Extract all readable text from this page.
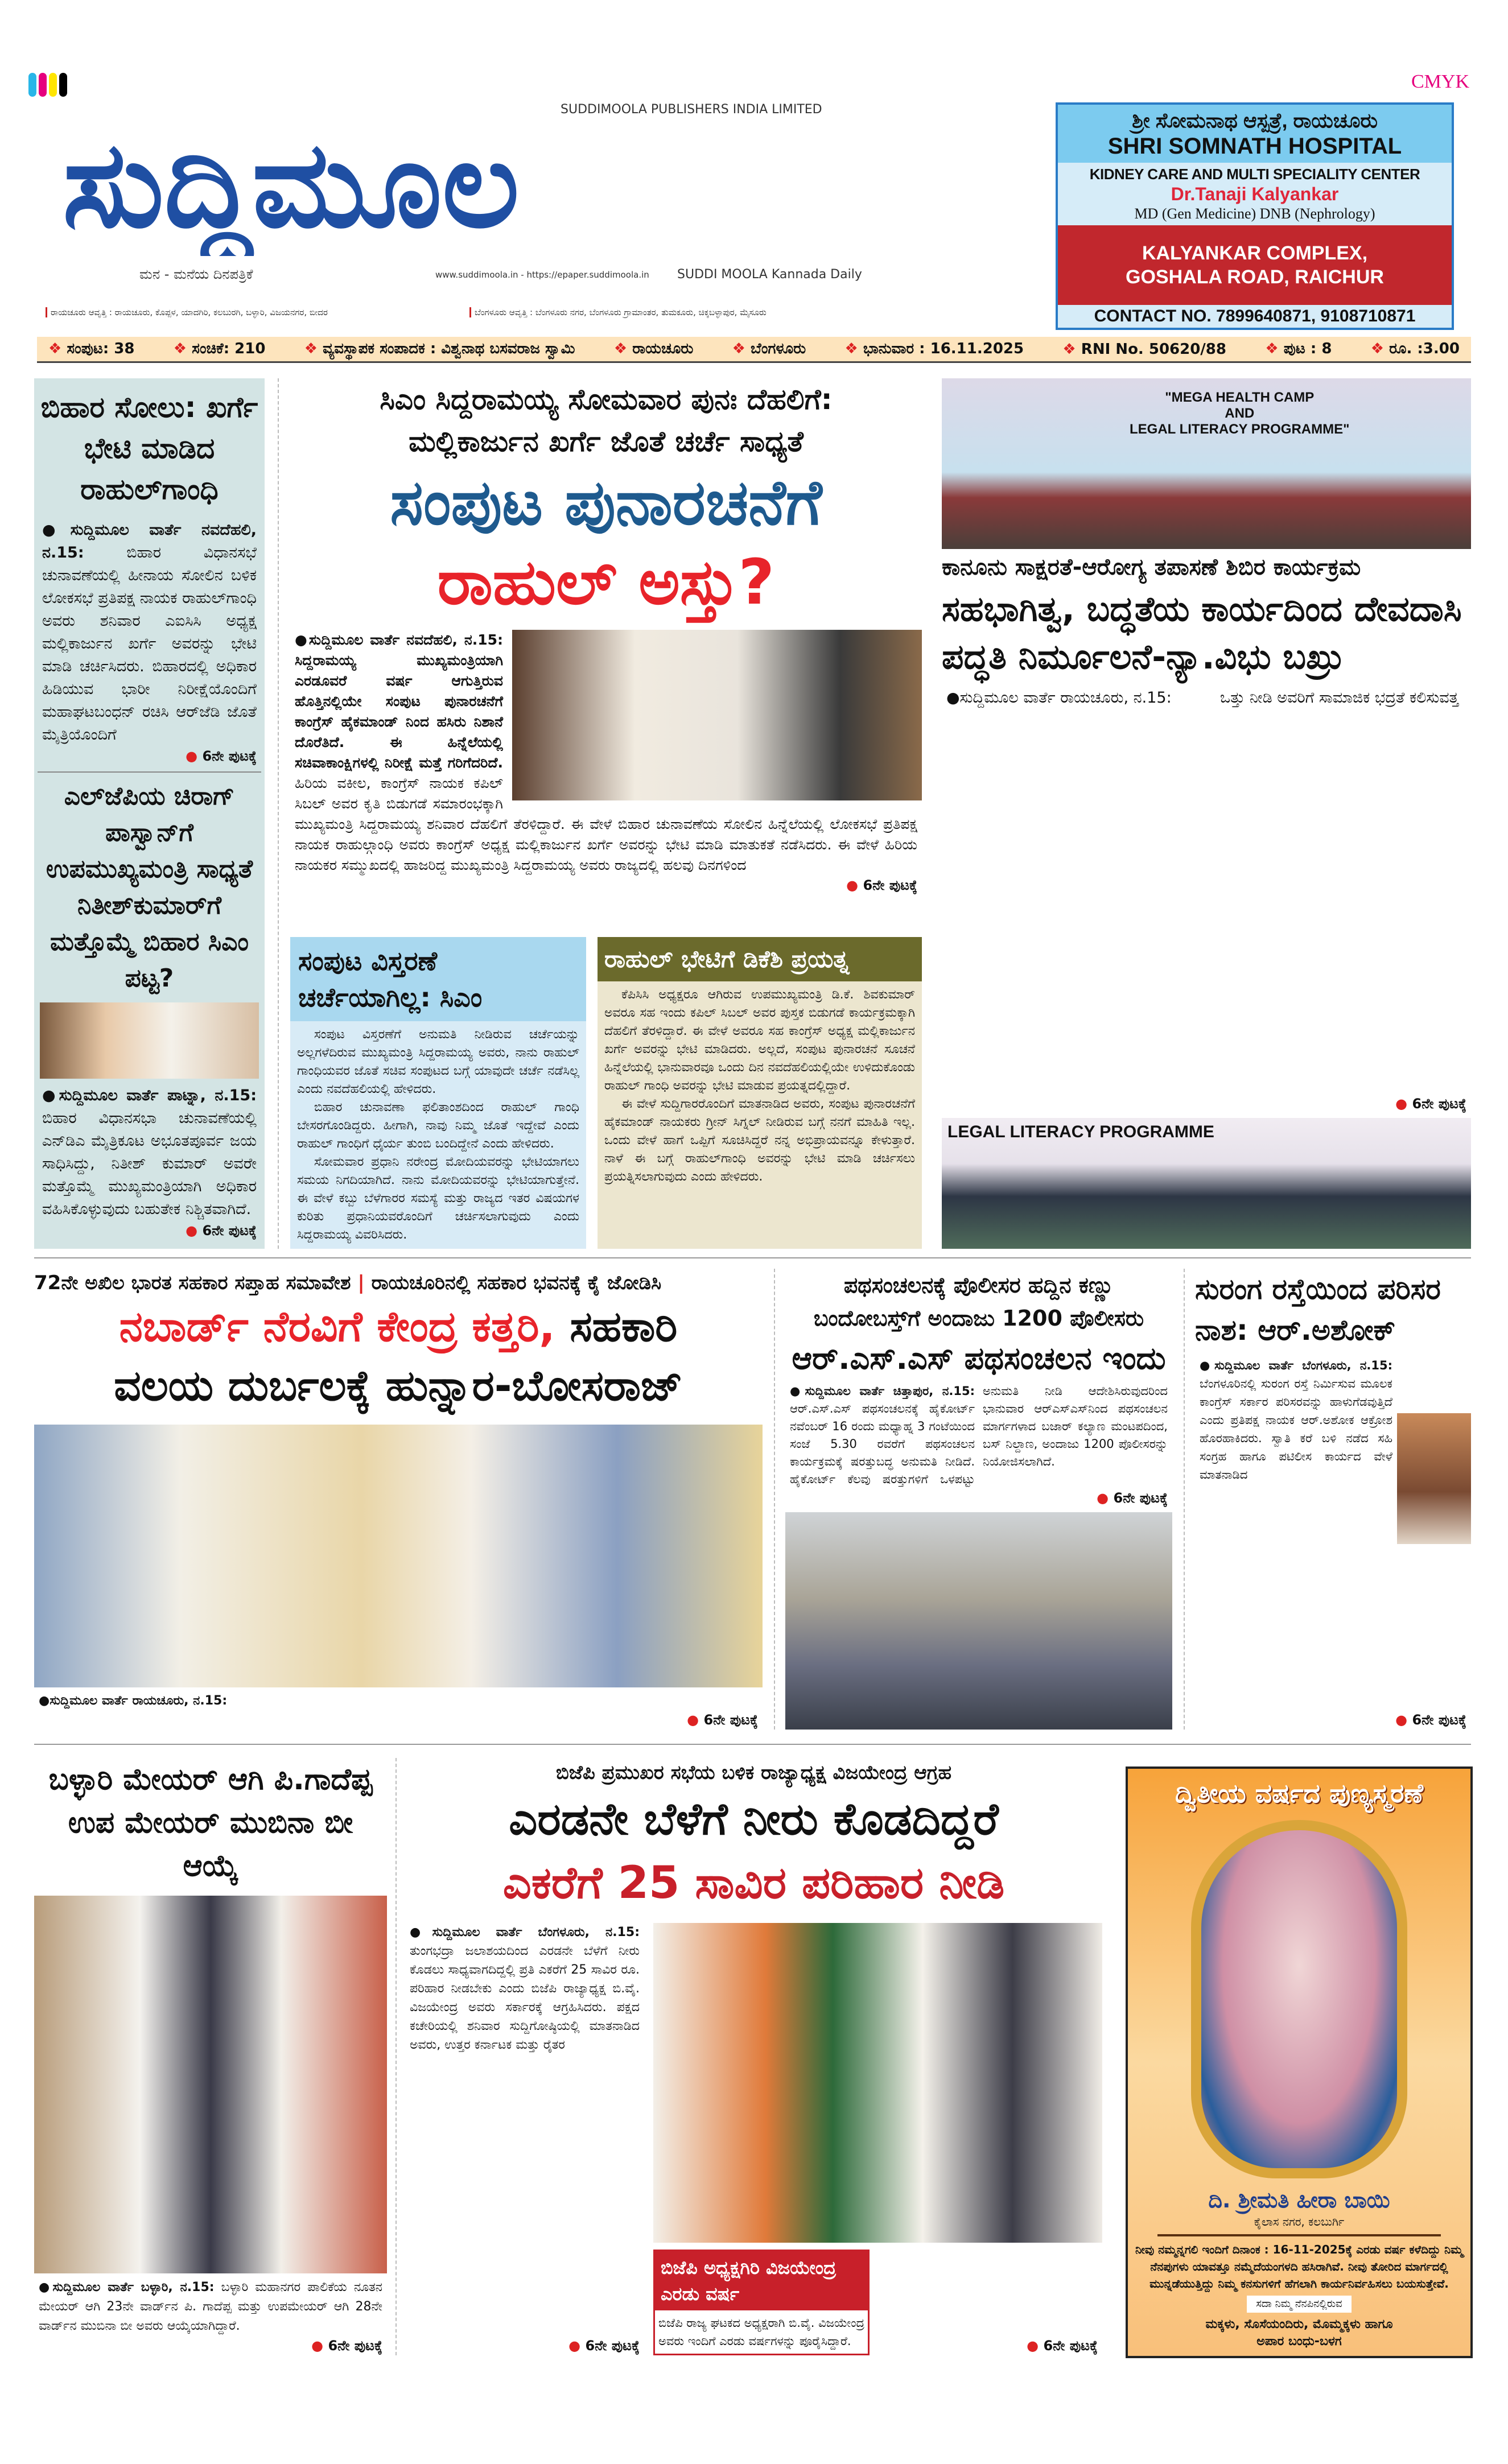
CMYK
ಸುದ್ದಿಮೂಲ
SUDDIMOOLA PUBLISHERS INDIA LIMITED
ಮನ - ಮನೆಯ ದಿನಪತ್ರಿಕೆ	www.suddimoola.in - https://epaper.suddimoola.in SUDDI MOOLA Kannada Daily
ರಾಯಚೂರು ಆವೃತ್ತಿ : ರಾಯಚೂರು, ಕೊಪ್ಪಳ, ಯಾದಗಿರಿ, ಕಲಬುರಗಿ, ಬಳ್ಳಾರಿ, ವಿಜಯನಗರ, ಬೀದರ	ಬೆಂಗಳೂರು ಆವೃತ್ತಿ : ಬೆಂಗಳೂರು ನಗರ, ಬೆಂಗಳೂರು ಗ್ರಾಮಾಂತರ, ತುಮಕೂರು, ಚಿಕ್ಕಬಳ್ಳಾಪುರ, ಮೈಸೂರು
ಶ್ರೀ ಸೋಮನಾಥ ಆಸ್ಪತ್ರೆ, ರಾಯಚೂರು
SHRI SOMNATH HOSPITAL
KIDNEY CARE AND MULTI SPECIALITY CENTER
Dr.Tanaji Kalyankar
MD (Gen Medicine) DNB (Nephrology)
KALYANKAR COMPLEX,
GOSHALA ROAD, RAICHUR
CONTACT NO. 7899640871, 9108710871
❖ ಸಂಪುಟ: 38	❖ ಸಂಚಿಕೆ: 210	❖ ವ್ಯವಸ್ಥಾಪಕ ಸಂಪಾದಕ : ವಿಶ್ವನಾಥ ಬಸವರಾಜ ಸ್ವಾಮಿ	❖ ರಾಯಚೂರು	❖ ಬೆಂಗಳೂರು	❖ ಭಾನುವಾರ : 16.11.2025	❖ RNI No. 50620/88	❖ ಪುಟ : 8	❖ ರೂ. :3.00
ಬಿಹಾರ ಸೋಲು: ಖರ್ಗೆ ಭೇಟಿ ಮಾಡಿದ ರಾಹುಲ್‌ಗಾಂಧಿ
●ಸುದ್ದಿಮೂಲ ವಾರ್ತೆ ನವದೆಹಲಿ, ನ.15:	ಬಿಹಾರ ವಿಧಾನಸಭೆ ಚುನಾವಣೆಯಲ್ಲಿ ಹೀನಾಯ ಸೋಲಿನ ಬಳಿಕ ಲೋಕಸಭೆ ಪ್ರತಿಪಕ್ಷ ನಾಯಕ ರಾಹುಲ್‌ಗಾಂಧಿ ಅವರು ಶನಿವಾರ ಎಐಸಿಸಿ ಅಧ್ಯಕ್ಷ ಮಲ್ಲಿಕಾರ್ಜುನ ಖರ್ಗೆ ಅವರನ್ನು ಭೇಟಿ ಮಾಡಿ ಚರ್ಚಿಸಿದರು. ಬಿಹಾರದಲ್ಲಿ ಅಧಿಕಾರ ಹಿಡಿಯುವ ಭಾರೀ ನಿರೀಕ್ಷೆಯೊಂದಿಗೆ ಮಹಾಘಟಬಂಧನ್ ರಚಿಸಿ ಆರ್‌ಜೆಡಿ ಜೊತೆ ಮೈತ್ರಿಯೊಂದಿಗೆ
● 6ನೇ ಪುಟಕ್ಕೆ
ಎಲ್‌ಜೆಪಿಯ ಚಿರಾಗ್ ಪಾಸ್ವಾನ್‌ಗೆ ಉಪಮುಖ್ಯಮಂತ್ರಿ ಸಾಧ್ಯತೆ ನಿತೀಶ್‌ಕುಮಾರ್‌ಗೆ ಮತ್ತೊಮ್ಮೆ ಬಿಹಾರ ಸಿಎಂ ಪಟ್ಟ?
●ಸುದ್ದಿಮೂಲ ವಾರ್ತೆ ಪಾಟ್ನಾ, ನ.15: ಬಿಹಾರ ವಿಧಾನಸಭಾ ಚುನಾವಣೆಯಲ್ಲಿ ಎನ್‌ಡಿಎ ಮೈತ್ರಿಕೂಟ ಅಭೂತಪೂರ್ವ ಜಯ ಸಾಧಿಸಿದ್ದು, ನಿತೀಶ್ ಕುಮಾರ್ ಅವರೇ ಮತ್ತೊಮ್ಮೆ ಮುಖ್ಯಮಂತ್ರಿಯಾಗಿ ಅಧಿಕಾರ ವಹಿಸಿಕೊಳ್ಳುವುದು ಬಹುತೇಕ ನಿಶ್ಚಿತವಾಗಿದೆ.
● 6ನೇ ಪುಟಕ್ಕೆ
ಸಿಎಂ ಸಿದ್ದರಾಮಯ್ಯ ಸೋಮವಾರ ಪುನಃ ದೆಹಲಿಗೆ:
ಮಲ್ಲಿಕಾರ್ಜುನ ಖರ್ಗೆ ಜೊತೆ ಚರ್ಚೆ ಸಾಧ್ಯತೆ
ಸಂಪುಟ ಪುನಾರಚನೆಗೆ
ರಾಹುಲ್ ಅಸ್ತು?
●ಸುದ್ದಿಮೂಲ ವಾರ್ತೆ ನವದೆಹಲಿ, ನ.15: ಸಿದ್ದರಾಮಯ್ಯ ಮುಖ್ಯಮಂತ್ರಿಯಾಗಿ ಎರಡೂವರೆ ವರ್ಷ ಆಗುತ್ತಿರುವ ಹೊತ್ತಿನಲ್ಲಿಯೇ ಸಂಪುಟ ಪುನಾರಚನೆಗೆ ಕಾಂಗ್ರೆಸ್ ಹೈಕಮಾಂಡ್ ನಿಂದ ಹಸಿರು ನಿಶಾನೆ ದೊರೆತಿದೆ. ಈ ಹಿನ್ನೆಲೆಯಲ್ಲಿ ಸಚಿವಾಕಾಂಕ್ಷಿಗಳಲ್ಲಿ ನಿರೀಕ್ಷೆ ಮತ್ತೆ ಗರಿಗೆದರಿದೆ. ಹಿರಿಯ ವಕೀಲ, ಕಾಂಗ್ರೆಸ್ ನಾಯಕ ಕಪಿಲ್ ಸಿಬಲ್ ಅವರ ಕೃತಿ ಬಿಡುಗಡೆ ಸಮಾರಂಭಕ್ಕಾಗಿ ಮುಖ್ಯಮಂತ್ರಿ ಸಿದ್ದರಾಮಯ್ಯ ಶನಿವಾರ ದೆಹಲಿಗೆ ತೆರಳಿದ್ದಾರೆ. ಈ ವೇಳೆ ಬಿಹಾರ ಚುನಾವಣೆಯ ಸೋಲಿನ ಹಿನ್ನೆಲೆಯಲ್ಲಿ ಲೋಕಸಭೆ ಪ್ರತಿಪಕ್ಷ ನಾಯಕ ರಾಹುಲ್ಗಾಂಧಿ ಅವರು ಕಾಂಗ್ರೆಸ್ ಅಧ್ಯಕ್ಷ ಮಲ್ಲಿಕಾರ್ಜುನ ಖರ್ಗೆ ಅವರನ್ನು ಭೇಟಿ ಮಾಡಿ ಮಾತುಕತೆ ನಡೆಸಿದರು. ಈ ವೇಳೆ ಹಿರಿಯ ನಾಯಕರ ಸಮ್ಮುಖದಲ್ಲಿ ಹಾಜರಿದ್ದ ಮುಖ್ಯಮಂತ್ರಿ ಸಿದ್ದರಾಮಯ್ಯ ಅವರು ರಾಜ್ಯದಲ್ಲಿ ಹಲವು ದಿನಗಳಿಂದ
● 6ನೇ ಪುಟಕ್ಕೆ
ಸಂಪುಟ ವಿಸ್ತರಣೆ ಚರ್ಚೆಯಾಗಿಲ್ಲ: ಸಿಎಂ

ಸಂಪುಟ ವಿಸ್ತರಣೆಗೆ ಅನುಮತಿ ನೀಡಿರುವ ಚರ್ಚೆಯನ್ನು ಅಲ್ಲಗಳೆದಿರುವ ಮುಖ್ಯಮಂತ್ರಿ ಸಿದ್ದರಾಮಯ್ಯ ಅವರು, ನಾನು ರಾಹುಲ್ ಗಾಂಧಿಯವರ ಜೊತೆ ಸಚಿವ ಸಂಪುಟದ ಬಗ್ಗೆ ಯಾವುದೇ ಚರ್ಚೆ ನಡೆಸಿಲ್ಲ ಎಂದು ನವದೆಹಲಿಯಲ್ಲಿ ಹೇಳಿದರು.

ಬಿಹಾರ ಚುನಾವಣಾ ಫಲಿತಾಂಶದಿಂದ ರಾಹುಲ್ ಗಾಂಧಿ ಬೇಸರಗೊಂಡಿದ್ದರು. ಹೀಗಾಗಿ, ನಾವು ನಿಮ್ಮ ಜೊತೆ ಇದ್ದೇವೆ ಎಂದು ರಾಹುಲ್ ಗಾಂಧಿಗೆ ಧೈರ್ಯ ತುಂಬಿ ಬಂದಿದ್ದೇನೆ ಎಂದು ಹೇಳಿದರು.

ಸೋಮವಾರ ಪ್ರಧಾನಿ ನರೇಂದ್ರ ಮೋದಿಯವರನ್ನು ಭೇಟಿಯಾಗಲು ಸಮಯ ನಿಗದಿಯಾಗಿದೆ. ನಾನು ಮೋದಿಯವರನ್ನು ಭೇಟಿಯಾಗುತ್ತೇನೆ. ಈ ವೇಳೆ ಕಬ್ಬು ಬೆಳೆಗಾರರ ಸಮಸ್ಯೆ ಮತ್ತು ರಾಜ್ಯದ ಇತರ ವಿಷಯಗಳ ಕುರಿತು ಪ್ರಧಾನಿಯವರೊಂದಿಗೆ ಚರ್ಚಿಸಲಾಗುವುದು ಎಂದು ಸಿದ್ದರಾಮಯ್ಯ ವಿವರಿಸಿದರು.

ರಾಹುಲ್ ಭೇಟಿಗೆ ಡಿಕೆಶಿ ಪ್ರಯತ್ನ

ಕೆಪಿಸಿಸಿ ಅಧ್ಯಕ್ಷರೂ ಆಗಿರುವ ಉಪಮುಖ್ಯಮಂತ್ರಿ ಡಿ.ಕೆ. ಶಿವಕುಮಾರ್ ಅವರೂ ಸಹ ಇಂದು ಕಪಿಲ್ ಸಿಬಲ್ ಅವರ ಪುಸ್ತಕ ಬಿಡುಗಡೆ ಕಾರ್ಯಕ್ರಮಕ್ಕಾಗಿ ದೆಹಲಿಗೆ ತೆರಳಿದ್ದಾರೆ. ಈ ವೇಳೆ ಅವರೂ ಸಹ ಕಾಂಗ್ರೆಸ್ ಅಧ್ಯಕ್ಷ ಮಲ್ಲಿಕಾರ್ಜುನ ಖರ್ಗೆ ಅವರನ್ನು ಭೇಟಿ ಮಾಡಿದರು. ಅಲ್ಲದೆ, ಸಂಪುಟ ಪುನಾರಚನೆ ಸೂಚನೆ ಹಿನ್ನೆಲೆಯಲ್ಲಿ ಭಾನುವಾರವೂ ಒಂದು ದಿನ ನವದೆಹಲಿಯಲ್ಲಿಯೇ ಉಳಿದುಕೊಂಡು ರಾಹುಲ್ ಗಾಂಧಿ ಅವರನ್ನು ಭೇಟಿ ಮಾಡುವ ಪ್ರಯತ್ನದಲ್ಲಿದ್ದಾರೆ.

ಈ ವೇಳೆ ಸುದ್ದಿಗಾರರೊಂದಿಗೆ ಮಾತನಾಡಿದ ಅವರು, ಸಂಪುಟ ಪುನಾರಚನೆಗೆ ಹೈಕಮಾಂಡ್ ನಾಯಕರು ಗ್ರೀನ್ ಸಿಗ್ನಲ್ ನೀಡಿರುವ ಬಗ್ಗೆ ನನಗೆ ಮಾಹಿತಿ ಇಲ್ಲ. ಒಂದು ವೇಳೆ ಹಾಗೆ ಒಪ್ಪಿಗೆ ಸೂಚಿಸಿದ್ದರೆ ನನ್ನ ಅಭಿಪ್ರಾಯವನ್ನೂ ಕೇಳುತ್ತಾರೆ. ನಾಳೆ ಈ ಬಗ್ಗೆ ರಾಹುಲ್‌ಗಾಂಧಿ ಅವರನ್ನು ಭೇಟಿ ಮಾಡಿ ಚರ್ಚಿಸಲು ಪ್ರಯತ್ನಿಸಲಾಗುವುದು ಎಂದು ಹೇಳಿದರು.

"MEGA HEALTH CAMP
AND
LEGAL LITERACY PROGRAMME"
ಕಾನೂನು ಸಾಕ್ಷರತೆ-ಆರೋಗ್ಯ ತಪಾಸಣೆ ಶಿಬಿರ ಕಾರ್ಯಕ್ರಮ
ಸಹಭಾಗಿತ್ವ, ಬದ್ಧತೆಯ ಕಾರ್ಯದಿಂದ ದೇವದಾಸಿ ಪದ್ಧತಿ ನಿರ್ಮೂಲನೆ-ನ್ಯಾ.ವಿಭು ಬಖ್ರು
●ಸುದ್ದಿಮೂಲ ವಾರ್ತೆ ರಾಯಚೂರು, ನ.15:	ಒತ್ತು ನೀಡಿ ಅವರಿಗೆ ಸಾಮಾಜಿಕ ಭದ್ರತೆ ಕಲಿಸುವತ್ತ
● 6ನೇ ಪುಟಕ್ಕೆ
LEGAL LITERACY PROGRAMME
72ನೇ ಅಖಿಲ ಭಾರತ ಸಹಕಾರ ಸಪ್ತಾಹ ಸಮಾವೇಶ | ರಾಯಚೂರಿನಲ್ಲಿ ಸಹಕಾರ ಭವನಕ್ಕೆ ಕೈ ಜೋಡಿಸಿ
ನಬಾರ್ಡ್ ನೆರವಿಗೆ ಕೇಂದ್ರ ಕತ್ತರಿ, ಸಹಕಾರಿ
ವಲಯ ದುರ್ಬಲಕ್ಕೆ ಹುನ್ನಾರ-ಬೋಸರಾಜ್
●ಸುದ್ದಿಮೂಲ ವಾರ್ತೆ ರಾಯಚೂರು, ನ.15:
● 6ನೇ ಪುಟಕ್ಕೆ
ಪಥಸಂಚಲನಕ್ಕೆ ಪೊಲೀಸರ ಹದ್ದಿನ ಕಣ್ಣು
ಬಂದೋಬಸ್ತ್‌ಗೆ ಅಂದಾಜು 1200 ಪೊಲೀಸರು
ಆರ್.ಎಸ್.ಎಸ್ ಪಥಸಂಚಲನ ಇಂದು
●ಸುದ್ದಿಮೂಲ ವಾರ್ತೆ ಚಿತ್ತಾಪುರ, ನ.15: ಆರ್.ಎಸ್.ಎಸ್ ಪಥಸಂಚಲನಕ್ಕೆ ಹೈಕೋರ್ಟ್ ನವೆಂಬರ್ 16 ರಂದು ಮಧ್ಯಾಹ್ನ 3 ಗಂಟೆಯಿಂದ ಸಂಜೆ 5.30 ರವರೆಗೆ ಪಥಸಂಚಲನ ಕಾರ್ಯಕ್ರಮಕ್ಕೆ ಷರತ್ತುಬದ್ಧ ಅನುಮತಿ ನೀಡಿದೆ. ಹೈಕೋರ್ಟ್ ಕೆಲವು ಷರತ್ತುಗಳಿಗೆ ಒಳಪಟ್ಟು ಅನುಮತಿ ನೀಡಿ ಆದೇಶಿಸಿರುವುದರಿಂದ ಭಾನುವಾರ ಆರ್‌ಎಸ್‌ಎಸ್‌ನಿಂದ ಪಥಸಂಚಲನ ಮಾರ್ಗಗಳಾದ ಬಜಾರ್ ಕಲ್ಯಾಣ ಮಂಟಪದಿಂದ, ಬಸ್ ನಿಲ್ದಾಣ, ಅಂದಾಜು 1200 ಪೊಲೀಸರನ್ನು ನಿಯೋಜಿಸಲಾಗಿದೆ.
● 6ನೇ ಪುಟಕ್ಕೆ
ಸುರಂಗ ರಸ್ತೆಯಿಂದ ಪರಿಸರ ನಾಶ: ಆರ್.ಅಶೋಕ್
●ಸುದ್ದಿಮೂಲ ವಾರ್ತೆ ಬೆಂಗಳೂರು, ನ.15: ಬೆಂಗಳೂರಿನಲ್ಲಿ ಸುರಂಗ ರಸ್ತೆ ನಿರ್ಮಿಸುವ ಮೂಲಕ ಕಾಂಗ್ರೆಸ್ ಸರ್ಕಾರ ಪರಿಸರವನ್ನು ಹಾಳುಗೆಡವುತ್ತಿದೆ ಎಂದು ಪ್ರತಿಪಕ್ಷ ನಾಯಕ ಆರ್.ಅಶೋಕ ಆಕ್ರೋಶ ಹೊರಹಾಕಿದರು. ಸ್ವಾತಿ ಕರೆ ಬಳಿ ನಡೆದ ಸಹಿ ಸಂಗ್ರಹ ಹಾಗೂ ಪಟಿಲೀಸ ಕಾರ್ಯದ ವೇಳೆ ಮಾತನಾಡಿದ
● 6ನೇ ಪುಟಕ್ಕೆ
ಬಳ್ಳಾರಿ ಮೇಯರ್ ಆಗಿ ಪಿ.ಗಾದೆಪ್ಪ ಉಪ ಮೇಯರ್ ಮುಬಿನಾ ಬೀ ಆಯ್ಕೆ
●ಸುದ್ದಿಮೂಲ ವಾರ್ತೆ ಬಳ್ಳಾರಿ, ನ.15: ಬಳ್ಳಾರಿ ಮಹಾನಗರ ಪಾಲಿಕೆಯ ನೂತನ ಮೇಯರ್ ಆಗಿ 23ನೇ ವಾರ್ಡ್‌ನ ಪಿ. ಗಾದೆಪ್ಪ ಮತ್ತು ಉಪಮೇಯರ್ ಆಗಿ 28ನೇ ವಾರ್ಡ್‌ನ ಮುಬಿನಾ ಬೀ ಅವರು ಆಯ್ಕೆಯಾಗಿದ್ದಾರೆ.
● 6ನೇ ಪುಟಕ್ಕೆ
ಬಿಜೆಪಿ ಪ್ರಮುಖರ ಸಭೆಯ ಬಳಿಕ ರಾಜ್ಯಾಧ್ಯಕ್ಷ ವಿಜಯೇಂದ್ರ ಆಗ್ರಹ
ಎರಡನೇ ಬೆಳೆಗೆ ನೀರು ಕೊಡದಿದ್ದರೆ
ಎಕರೆಗೆ 25 ಸಾವಿರ ಪರಿಹಾರ ನೀಡಿ
●ಸುದ್ದಿಮೂಲ ವಾರ್ತೆ ಬೆಂಗಳೂರು, ನ.15: ತುಂಗಭದ್ರಾ ಜಲಾಶಯದಿಂದ ಎರಡನೇ ಬೆಳೆಗೆ ನೀರು ಕೊಡಲು ಸಾಧ್ಯವಾಗದಿದ್ದಲ್ಲಿ ಪ್ರತಿ ಎಕರೆಗೆ 25 ಸಾವಿರ ರೂ. ಪರಿಹಾರ ನೀಡಬೇಕು ಎಂದು ಬಿಜೆಪಿ ರಾಜ್ಯಾಧ್ಯಕ್ಷ ಬಿ.ವೈ. ವಿಜಯೇಂದ್ರ ಅವರು ಸರ್ಕಾರಕ್ಕೆ ಆಗ್ರಹಿಸಿದರು. ಪಕ್ಷದ ಕಚೇರಿಯಲ್ಲಿ ಶನಿವಾರ ಸುದ್ದಿಗೋಷ್ಠಿಯಲ್ಲಿ ಮಾತನಾಡಿದ ಅವರು, ಉತ್ತರ ಕರ್ನಾಟಕ ಮತ್ತು ರೈತರ
● 6ನೇ ಪುಟಕ್ಕೆ
ಬಿಜೆಪಿ ಅಧ್ಯಕ್ಷಗಿರಿ ವಿಜಯೇಂದ್ರ ಎರಡು ವರ್ಷ
ಬಿಜೆಪಿ ರಾಜ್ಯ ಘಟಕದ ಅಧ್ಯಕ್ಷರಾಗಿ ಬಿ.ವೈ. ವಿಜಯೇಂದ್ರ ಅವರು ಇಂದಿಗೆ ಎರಡು ವರ್ಷಗಳನ್ನು ಪೂರೈಸಿದ್ದಾರೆ.	● 6ನೇ ಪುಟಕ್ಕೆ
ದ್ವಿತೀಯ ವರ್ಷದ ಪುಣ್ಯಸ್ಮರಣೆ
ದಿ. ಶ್ರೀಮತಿ ಹೀರಾ ಬಾಯಿ
ಕೈಲಾಸ ನಗರ, ಕಲಬುರ್ಗಿ
ನೀವು ನಮ್ಮನ್ನಗಲಿ ಇಂದಿಗೆ ದಿನಾಂಕ : 16-11-2025ಕ್ಕೆ ಎರಡು ವರ್ಷ ಕಳೆದಿದ್ದು ನಿಮ್ಮ ನೆನಪುಗಳು ಯಾವತ್ತೂ ನಮ್ಮೆದೆಯಂಗಳದಿ ಹಸಿರಾಗಿವೆ. ನೀವು ತೋರಿದ ಮಾರ್ಗದಲ್ಲಿ ಮುನ್ನಡೆಯುತ್ತಿದ್ದು ನಿಮ್ಮ ಕನಸುಗಳಿಗೆ ಹೆಗಲಾಗಿ ಕಾರ್ಯನಿರ್ವಹಿಸಲು ಬಯಸುತ್ತೇವೆ.
ಸದಾ ನಿಮ್ಮ ನೆನಪಿನಲ್ಲಿರುವ
ಮಕ್ಕಳು, ಸೊಸೆಯಂದಿರು, ಮೊಮ್ಮಕ್ಕಳು ಹಾಗೂ
ಅಪಾರ ಬಂಧು-ಬಳಗ
